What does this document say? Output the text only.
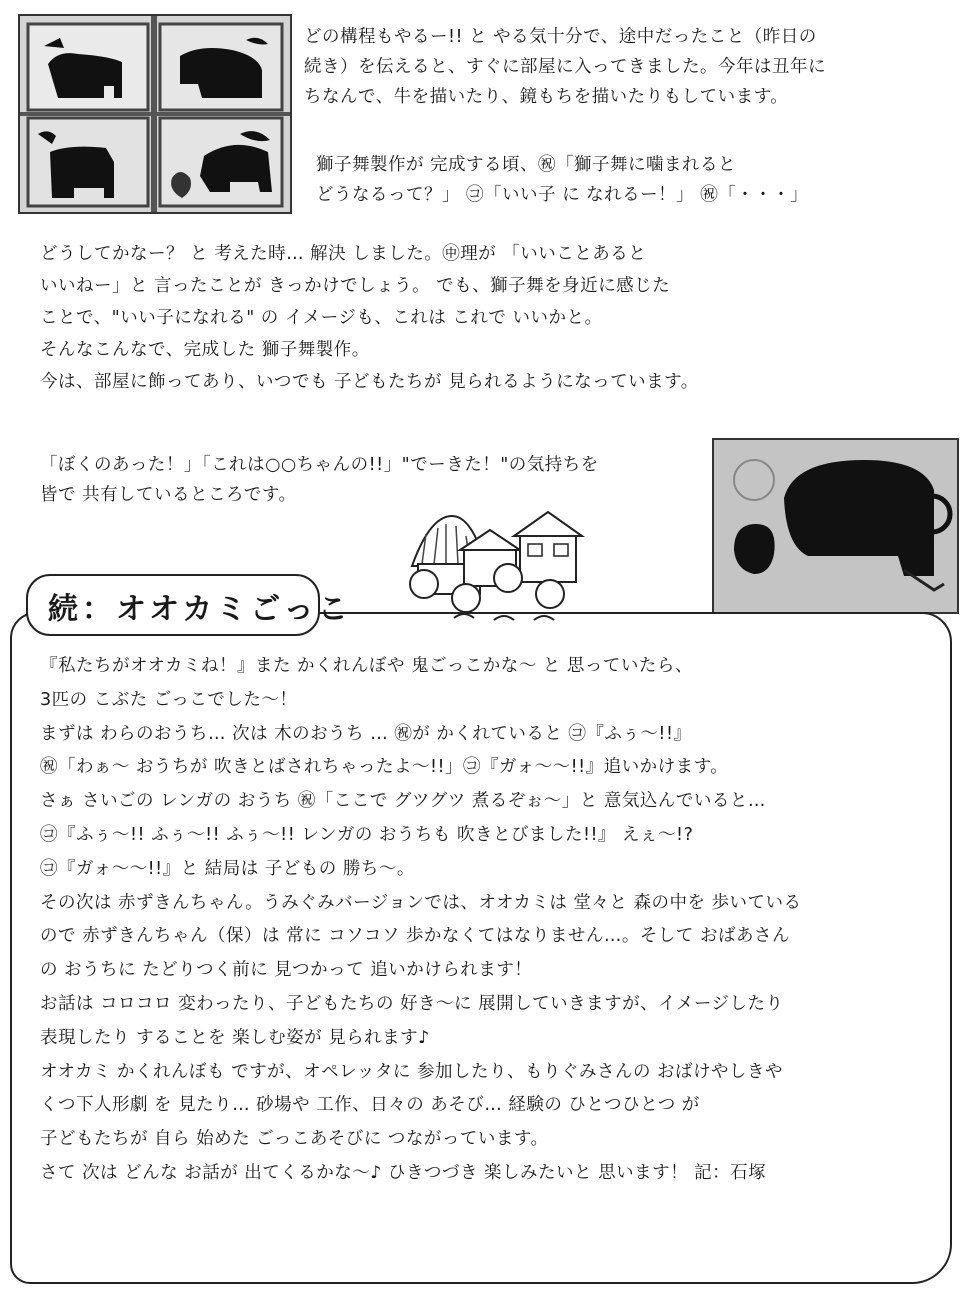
どの構程もやるー!! と やる気十分で、途中だったこと（昨日の
続き）を伝えると、すぐに部屋に入ってきました。今年は丑年に
ちなんで、牛を描いたり、鏡もちを描いたりもしています。

獅子舞製作が 完成する頃、㊗「獅子舞に噛まれると
どうなるって？」 ㋙「いい子 に なれるー！」 ㊗「・・・」

どうしてかなー？ と 考えた時… 解決 しました。㊥理が 「いいことあると
いいねー」と 言ったことが きっかけでしょう。 でも、獅子舞を身近に感じた
ことで、"いい子になれる" の イメージも、これは これで いいかと。
そんなこんなで、完成した 獅子舞製作。
今は、部屋に飾ってあり、いつでも 子どもたちが 見られるようになっています。

「ぼくのあった！」「これは○○ちゃんの!!」"でーきた！"の気持ちを
皆で 共有しているところです。

続：オオカミごっこ

『私たちがオオカミね！』また かくれんぼや 鬼ごっこかな～ と 思っていたら、
3匹の こぶた ごっこでした～！
まずは わらのおうち… 次は 木のおうち … ㊗が かくれていると ㋙『ふぅ～!!』
㊗「わぁ～ おうちが 吹きとばされちゃったよ～!!」㋙『ガォ～～!!』追いかけます。
さぁ さいごの レンガの おうち ㊗「ここで グツグツ 煮るぞぉ～」と 意気込んでいると…
㋙『ふぅ～!! ふぅ～!! ふぅ～!! レンガの おうちも 吹きとびました!!』 えぇ～!?
㋙『ガォ～～!!』と 結局は 子どもの 勝ち～。
その次は 赤ずきんちゃん。うみぐみバージョンでは、オオカミは 堂々と 森の中を 歩いている
ので 赤ずきんちゃん（保）は 常に コソコソ 歩かなくてはなりません…。そして おばあさん
の おうちに たどりつく前に 見つかって 追いかけられます！
お話は コロコロ 変わったり、子どもたちの 好き～に 展開していきますが、イメージしたり
表現したり することを 楽しむ姿が 見られます♪
オオカミ かくれんぼも ですが、オペレッタに 参加したり、もりぐみさんの おばけやしきや
くつ下人形劇 を 見たり… 砂場や 工作、日々の あそび… 経験の ひとつひとつ が
子どもたちが 自ら 始めた ごっこあそびに つながっています。
さて 次は どんな お話が 出てくるかな～♪ ひきつづき 楽しみたいと 思います！ 記：石塚
